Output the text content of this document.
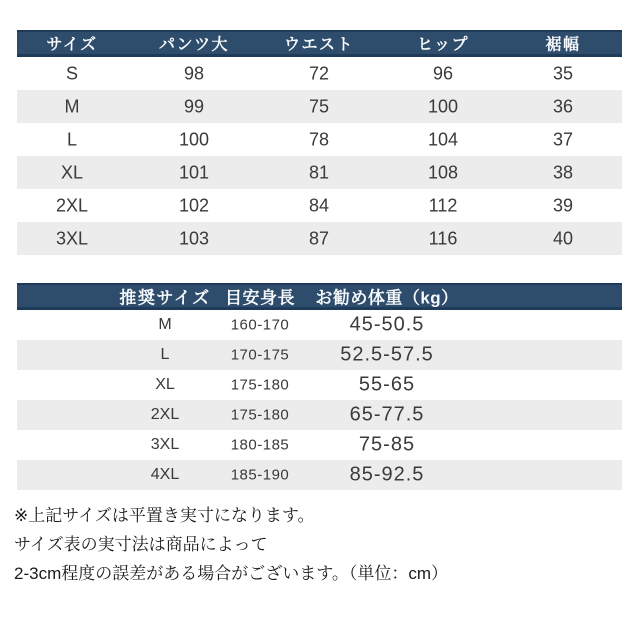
サイズ	パンツ大	ウエスト	ヒップ	裾幅
S	98	72	96	35
M	99	75	100	36
L	100	78	104	37
XL	101	81	108	38
2XL	102	84	112	39
3XL	103	87	116	40
推奨サイズ 目安身長 お勧め体重（kg）
M	160-170	45-50.5
L	170-175	52.5-57.5
XL	175-180	55-65
2XL	175-180	65-77.5
3XL	180-185	75-85
4XL	185-190	85-92.5
※上記サイズは平置き実寸になります。
サイズ表の実寸法は商品によって
2-3cm程度の誤差がある場合がございます。（単位：cm）
